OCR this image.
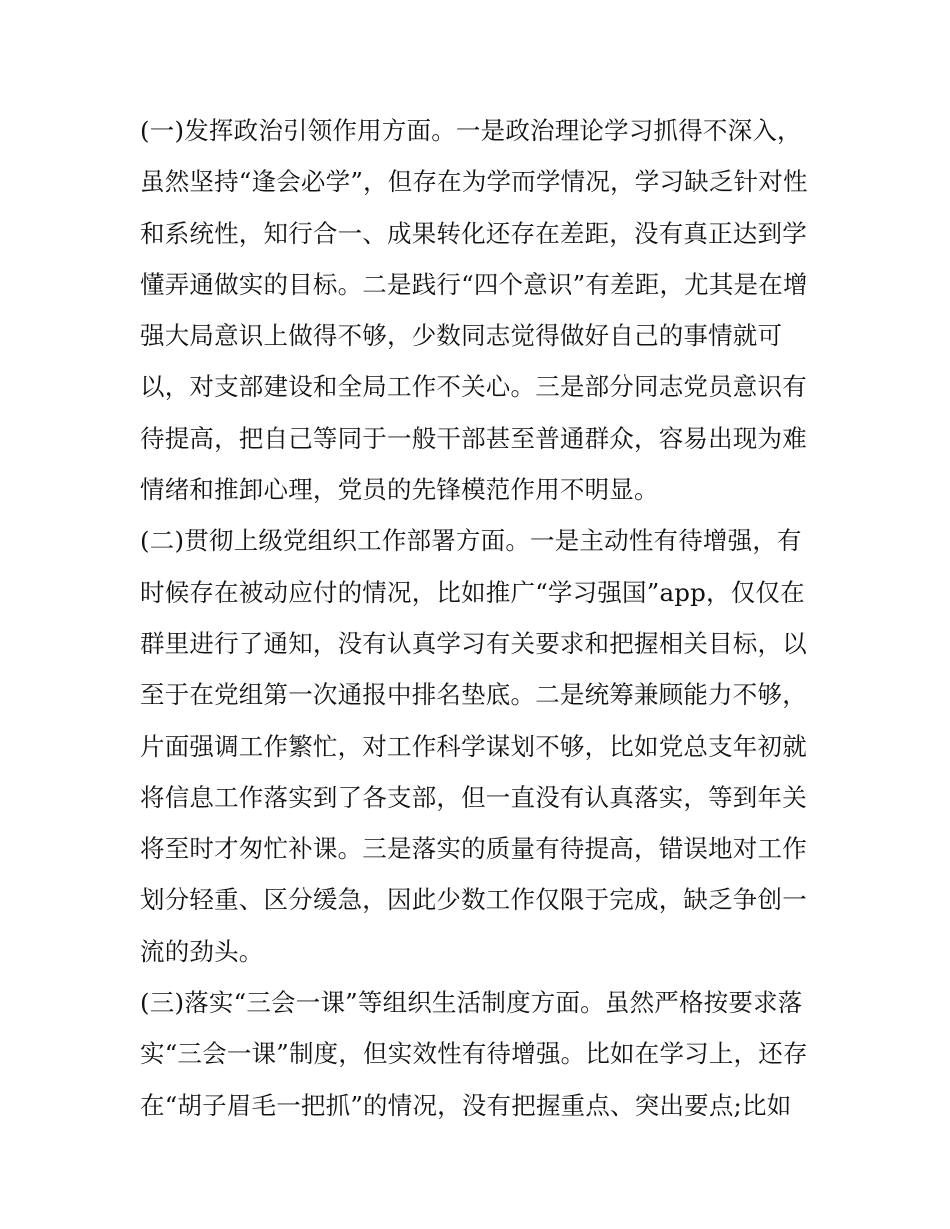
(一)发挥政治引领作用方面。一是政治理论学习抓得不深入，
虽然坚持“逢会必学”，但存在为学而学情况，学习缺乏针对性
和系统性，知行合一、成果转化还存在差距，没有真正达到学
懂弄通做实的目标。二是践行“四个意识”有差距，尤其是在增
强大局意识上做得不够，少数同志觉得做好自己的事情就可
以，对支部建设和全局工作不关心。三是部分同志党员意识有
待提高，把自己等同于一般干部甚至普通群众，容易出现为难
情绪和推卸心理，党员的先锋模范作用不明显。
(二)贯彻上级党组织工作部署方面。一是主动性有待增强，有
时候存在被动应付的情况，比如推广“学习强国”app，仅仅在
群里进行了通知，没有认真学习有关要求和把握相关目标，以
至于在党组第一次通报中排名垫底。二是统筹兼顾能力不够，
片面强调工作繁忙，对工作科学谋划不够，比如党总支年初就
将信息工作落实到了各支部，但一直没有认真落实，等到年关
将至时才匆忙补课。三是落实的质量有待提高，错误地对工作
划分轻重、区分缓急，因此少数工作仅限于完成，缺乏争创一
流的劲头。
(三)落实“三会一课”等组织生活制度方面。虽然严格按要求落
实“三会一课”制度，但实效性有待增强。比如在学习上，还存
在“胡子眉毛一把抓”的情况，没有把握重点、突出要点;比如
